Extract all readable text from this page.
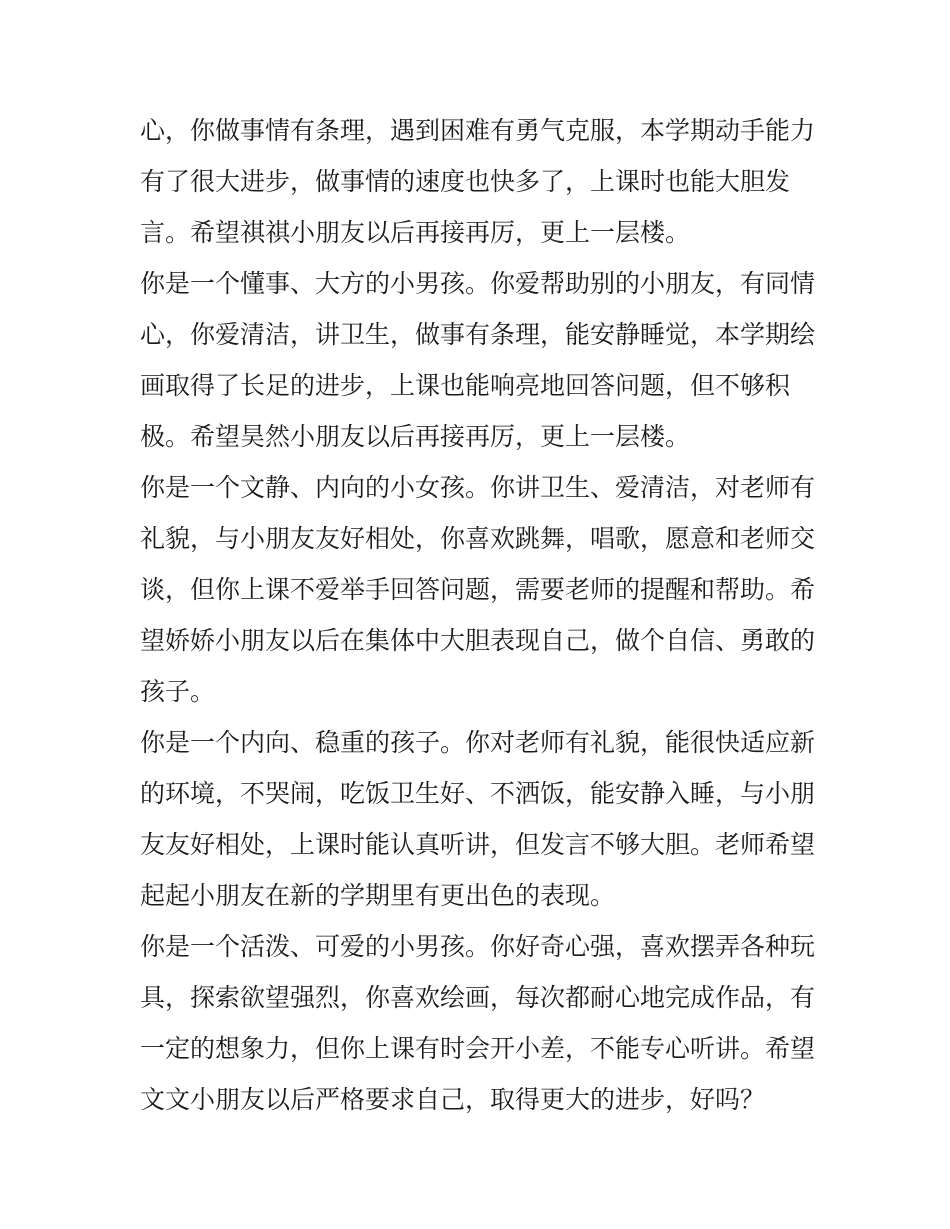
心，你做事情有条理，遇到困难有勇气克服，本学期动手能力
有了很大进步，做事情的速度也快多了，上课时也能大胆发
言。希望祺祺小朋友以后再接再厉，更上一层楼。
你是一个懂事、大方的小男孩。你爱帮助别的小朋友，有同情
心，你爱清洁，讲卫生，做事有条理，能安静睡觉，本学期绘
画取得了长足的进步，上课也能响亮地回答问题，但不够积
极。希望昊然小朋友以后再接再厉，更上一层楼。
你是一个文静、内向的小女孩。你讲卫生、爱清洁，对老师有
礼貌，与小朋友友好相处，你喜欢跳舞，唱歌，愿意和老师交
谈，但你上课不爱举手回答问题，需要老师的提醒和帮助。希
望娇娇小朋友以后在集体中大胆表现自己，做个自信、勇敢的
孩子。
你是一个内向、稳重的孩子。你对老师有礼貌，能很快适应新
的环境，不哭闹，吃饭卫生好、不洒饭，能安静入睡，与小朋
友友好相处，上课时能认真听讲，但发言不够大胆。老师希望
起起小朋友在新的学期里有更出色的表现。
你是一个活泼、可爱的小男孩。你好奇心强，喜欢摆弄各种玩
具，探索欲望强烈，你喜欢绘画，每次都耐心地完成作品，有
一定的想象力，但你上课有时会开小差，不能专心听讲。希望
文文小朋友以后严格要求自己，取得更大的进步，好吗？
